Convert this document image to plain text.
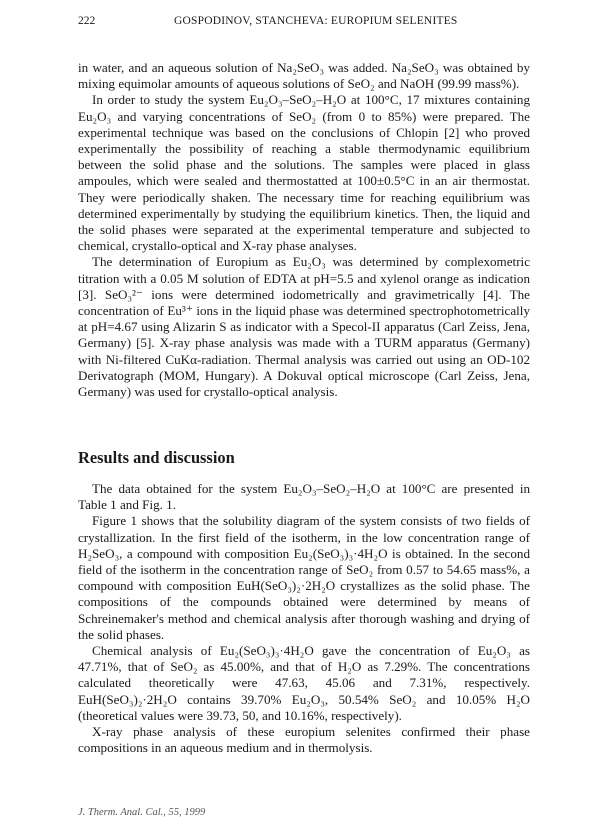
222	GOSPODINOV, STANCHEVA: EUROPIUM SELENITES

in water, and an aqueous solution of Na₂SeO₃ was added. Na₂SeO₃ was obtained by mixing equimolar amounts of aqueous solutions of SeO₂ and NaOH (99.99 mass%).

In order to study the system Eu₂O₃–SeO₂–H₂O at 100°C, 17 mixtures containing Eu₂O₃ and varying concentrations of SeO₂ (from 0 to 85%) were prepared. The experimental technique was based on the conclusions of Chlopin [2] who proved experimentally the possibility of reaching a stable thermodynamic equilibrium between the solid phase and the solutions. The samples were placed in glass ampoules, which were sealed and thermostatted at 100±0.5°C in an air thermostat. They were periodically shaken. The necessary time for reaching equilibrium was determined experimentally by studying the equilibrium kinetics. Then, the liquid and the solid phases were separated at the experimental temperature and subjected to chemical, crystallo-optical and X-ray phase analyses.

The determination of Europium as Eu₂O₃ was determined by complexometric titration with a 0.05 M solution of EDTA at pH=5.5 and xylenol orange as indication [3]. SeO₃²⁻ ions were determined iodometrically and gravimetrically [4]. The concentration of Eu³⁺ ions in the liquid phase was determined spectrophotometrically at pH=4.67 using Alizarin S as indicator with a Specol-II apparatus (Carl Zeiss, Jena, Germany) [5]. X-ray phase analysis was made with a TURM apparatus (Germany) with Ni-filtered CuKα-radiation. Thermal analysis was carried out using an OD-102 Derivatograph (MOM, Hungary). A Dokuval optical microscope (Carl Zeiss, Jena, Germany) was used for crystallo-optical analysis.

Results and discussion

The data obtained for the system Eu₂O₃–SeO₂–H₂O at 100°C are presented in Table 1 and Fig. 1.

Figure 1 shows that the solubility diagram of the system consists of two fields of crystallization. In the first field of the isotherm, in the low concentration range of H₂SeO₃, a compound with composition Eu₂(SeO₃)₃·4H₂O is obtained. In the second field of the isotherm in the concentration range of SeO₂ from 0.57 to 54.65 mass%, a compound with composition EuH(SeO₃)₂·2H₂O crystallizes as the solid phase. The compositions of the compounds obtained were determined by means of Schreinemaker's method and chemical analysis after thorough washing and drying of the solid phases.

Chemical analysis of Eu₂(SeO₃)₃·4H₂O gave the concentration of Eu₂O₃ as 47.71%, that of SeO₂ as 45.00%, and that of H₂O as 7.29%. The concentrations calculated theoretically were 47.63, 45.06 and 7.31%, respectively. EuH(SeO₃)₂·2H₂O contains 39.70% Eu₂O₃, 50.54% SeO₂ and 10.05% H₂O (theoretical values were 39.73, 50, and 10.16%, respectively).

X-ray phase analysis of these europium selenites confirmed their phase compositions in an aqueous medium and in thermolysis.

J. Therm. Anal. Cal., 55, 1999
